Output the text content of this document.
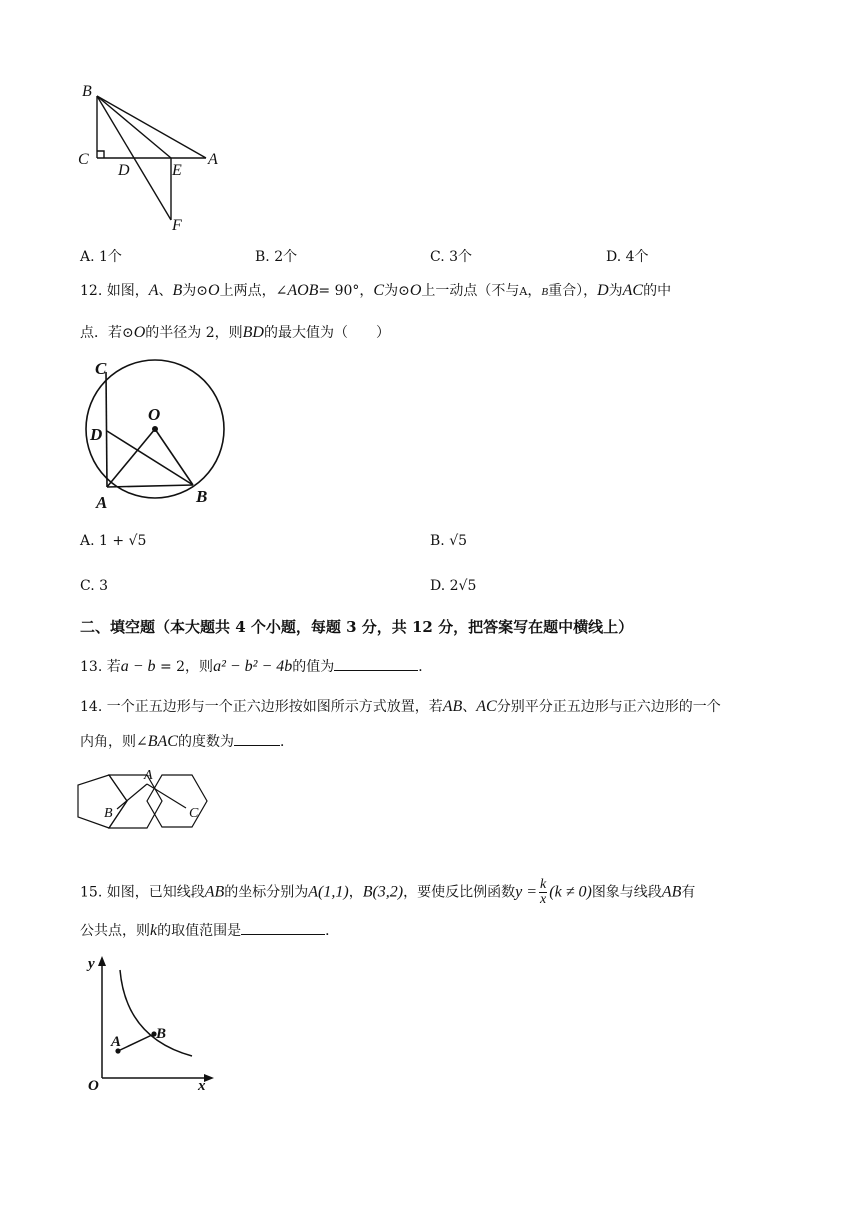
B
C
D	E
A
F
A. 1个	B. 2个	C. 3个	D. 4个
12. 如图，A、B为⊙O上两点，∠AOB= 90°，C为⊙O上一动点（不与A，B重合），D为AC的中
点．若⊙O的半径为 2，则BD的最大值为（　　）
C
O
D
A	B
A. 1 + √5	B. √5
C. 3	D. 2√5
二、填空题（本大题共 4 个小题，每题 3 分，共 12 分，把答案写在题中横线上）
13. 若a − b = 2，则a² − b² − 4b的值为	．
14. 一个正五边形与一个正六边形按如图所示方式放置，若AB、AC分别平分正五边形与正六边形的一个
内角，则∠BAC的度数为	．
A
B	C
15. 如图，已知线段AB的坐标分别为A(1,1)，B(3,2)，要使反比例函数$y = \frac{k}{x} (k \ne 0)$图象与线段AB有
公共点，则k的取值范围是	．
y
x
O
A B
